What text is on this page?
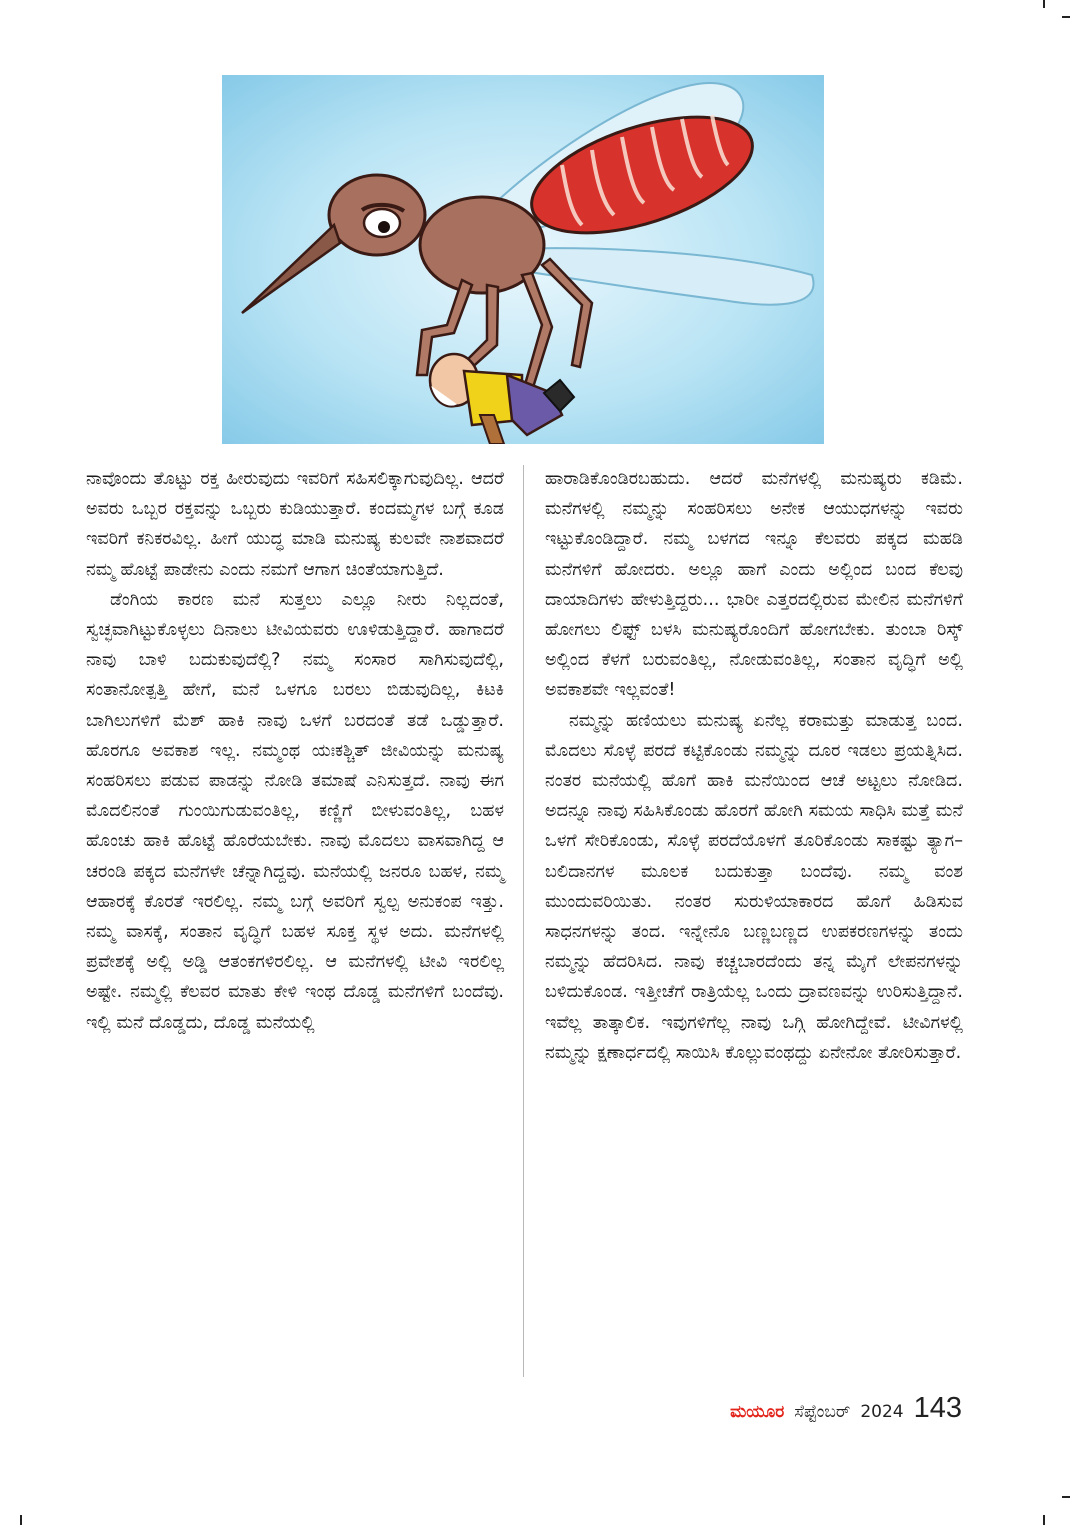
ನಾವೊಂದು ತೊಟ್ಟು ರಕ್ತ ಹೀರುವುದು ಇವರಿಗೆ ಸಹಿಸಲಿಕ್ಕಾಗುವುದಿಲ್ಲ. ಆದರೆ ಅವರು ಒಬ್ಬರ ರಕ್ತವನ್ನು ಒಬ್ಬರು ಕುಡಿಯುತ್ತಾರೆ. ಕಂದಮ್ಮಗಳ ಬಗ್ಗೆ ಕೂಡ ಇವರಿಗೆ ಕನಿಕರವಿಲ್ಲ. ಹೀಗೆ ಯುದ್ಧ ಮಾಡಿ ಮನುಷ್ಯ ಕುಲವೇ ನಾಶವಾದರೆ ನಮ್ಮ ಹೊಟ್ಟೆ ಪಾಡೇನು ಎಂದು ನಮಗೆ ಆಗಾಗ ಚಿಂತೆಯಾಗುತ್ತಿದೆ.

ಡೆಂಗಿಯ ಕಾರಣ ಮನೆ ಸುತ್ತಲು ಎಲ್ಲೂ ನೀರು ನಿಲ್ಲದಂತೆ, ಸ್ವಚ್ಛವಾಗಿಟ್ಟುಕೊಳ್ಳಲು ದಿನಾಲು ಟೀವಿಯವರು ಊಳಿಡುತ್ತಿದ್ದಾರೆ. ಹಾಗಾದರೆ ನಾವು ಬಾಳಿ ಬದುಕುವುದೆಲ್ಲಿ? ನಮ್ಮ ಸಂಸಾರ ಸಾಗಿಸುವುದೆಲ್ಲಿ, ಸಂತಾನೋತ್ಪತ್ತಿ ಹೇಗೆ, ಮನೆ ಒಳಗೂ ಬರಲು ಬಿಡುವುದಿಲ್ಲ, ಕಿಟಕಿ ಬಾಗಿಲುಗಳಿಗೆ ಮೆಶ್ ಹಾಕಿ ನಾವು ಒಳಗೆ ಬರದಂತೆ ತಡೆ ಒಡ್ಡುತ್ತಾರೆ. ಹೊರಗೂ ಅವಕಾಶ ಇಲ್ಲ. ನಮ್ಮಂಥ ಯಃಕಶ್ಚಿತ್ ಜೀವಿಯನ್ನು ಮನುಷ್ಯ ಸಂಹರಿಸಲು ಪಡುವ ಪಾಡನ್ನು ನೋಡಿ ತಮಾಷೆ ಎನಿಸುತ್ತದೆ. ನಾವು ಈಗ ಮೊದಲಿನಂತೆ ಗುಂಯಿಗುಡುವಂತಿಲ್ಲ, ಕಣ್ಣಿಗೆ ಬೀಳುವಂತಿಲ್ಲ, ಬಹಳ ಹೊಂಚು ಹಾಕಿ ಹೊಟ್ಟೆ ಹೊರೆಯಬೇಕು. ನಾವು ಮೊದಲು ವಾಸವಾಗಿದ್ದ ಆ ಚರಂಡಿ ಪಕ್ಕದ ಮನೆಗಳೇ ಚೆನ್ನಾಗಿದ್ದವು. ಮನೆಯಲ್ಲಿ ಜನರೂ ಬಹಳ, ನಮ್ಮ ಆಹಾರಕ್ಕೆ ಕೊರತೆ ಇರಲಿಲ್ಲ. ನಮ್ಮ ಬಗ್ಗೆ ಅವರಿಗೆ ಸ್ವಲ್ಪ ಅನುಕಂಪ ಇತ್ತು. ನಮ್ಮ ವಾಸಕ್ಕೆ, ಸಂತಾನ ವೃದ್ಧಿಗೆ ಬಹಳ ಸೂಕ್ತ ಸ್ಥಳ ಅದು. ಮನೆಗಳಲ್ಲಿ ಪ್ರವೇಶಕ್ಕೆ ಅಲ್ಲಿ ಅಡ್ಡಿ ಆತಂಕಗಳಿರಲಿಲ್ಲ. ಆ ಮನೆಗಳಲ್ಲಿ ಟೀವಿ ಇರಲಿಲ್ಲ ಅಷ್ಟೇ. ನಮ್ಮಲ್ಲಿ ಕೆಲವರ ಮಾತು ಕೇಳಿ ಇಂಥ ದೊಡ್ಡ ಮನೆಗಳಿಗೆ ಬಂದೆವು. ಇಲ್ಲಿ ಮನೆ ದೊಡ್ಡದು, ದೊಡ್ಡ ಮನೆಯಲ್ಲಿ

ಹಾರಾಡಿಕೊಂಡಿರಬಹುದು. ಆದರೆ ಮನೆಗಳಲ್ಲಿ ಮನುಷ್ಯರು ಕಡಿಮೆ. ಮನೆಗಳಲ್ಲಿ ನಮ್ಮನ್ನು ಸಂಹರಿಸಲು ಅನೇಕ ಆಯುಧಗಳನ್ನು ಇವರು ಇಟ್ಟುಕೊಂಡಿದ್ದಾರೆ. ನಮ್ಮ ಬಳಗದ ಇನ್ನೂ ಕೆಲವರು ಪಕ್ಕದ ಮಹಡಿ ಮನೆಗಳಿಗೆ ಹೋದರು. ಅಲ್ಲೂ ಹಾಗೆ ಎಂದು ಅಲ್ಲಿಂದ ಬಂದ ಕೆಲವು ದಾಯಾದಿಗಳು ಹೇಳುತ್ತಿದ್ದರು... ಭಾರೀ ಎತ್ತರದಲ್ಲಿರುವ ಮೇಲಿನ ಮನೆಗಳಿಗೆ ಹೋಗಲು ಲಿಫ್ಟ್ ಬಳಸಿ ಮನುಷ್ಯರೊಂದಿಗೆ ಹೋಗಬೇಕು. ತುಂಬಾ ರಿಸ್ಕ್ ಅಲ್ಲಿಂದ ಕೆಳಗೆ ಬರುವಂತಿಲ್ಲ, ನೋಡುವಂತಿಲ್ಲ, ಸಂತಾನ ವೃದ್ಧಿಗೆ ಅಲ್ಲಿ ಅವಕಾಶವೇ ಇಲ್ಲವಂತೆ!

ನಮ್ಮನ್ನು ಹಣಿಯಲು ಮನುಷ್ಯ ಏನೆಲ್ಲ ಕರಾಮತ್ತು ಮಾಡುತ್ತ ಬಂದ. ಮೊದಲು ಸೊಳ್ಳೆ ಪರದೆ ಕಟ್ಟಿಕೊಂಡು ನಮ್ಮನ್ನು ದೂರ ಇಡಲು ಪ್ರಯತ್ನಿಸಿದ. ನಂತರ ಮನೆಯಲ್ಲಿ ಹೊಗೆ ಹಾಕಿ ಮನೆಯಿಂದ ಆಚೆ ಅಟ್ಟಲು ನೋಡಿದ. ಅದನ್ನೂ ನಾವು ಸಹಿಸಿಕೊಂಡು ಹೊರಗೆ ಹೋಗಿ ಸಮಯ ಸಾಧಿಸಿ ಮತ್ತೆ ಮನೆ ಒಳಗೆ ಸೇರಿಕೊಂಡು, ಸೊಳ್ಳೆ ಪರದೆಯೊಳಗೆ ತೂರಿಕೊಂಡು ಸಾಕಷ್ಟು ತ್ಯಾಗ– ಬಲಿದಾನಗಳ ಮೂಲಕ ಬದುಕುತ್ತಾ ಬಂದೆವು. ನಮ್ಮ ವಂಶ ಮುಂದುವರಿಯಿತು. ನಂತರ ಸುರುಳಿಯಾಕಾರದ ಹೊಗೆ ಹಿಡಿಸುವ ಸಾಧನಗಳನ್ನು ತಂದ. ಇನ್ನೇನೊ ಬಣ್ಣಬಣ್ಣದ ಉಪಕರಣಗಳನ್ನು ತಂದು ನಮ್ಮನ್ನು ಹೆದರಿಸಿದ. ನಾವು ಕಚ್ಚಬಾರದೆಂದು ತನ್ನ ಮೈಗೆ ಲೇಪನಗಳನ್ನು ಬಳಿದುಕೊಂಡ. ಇತ್ತೀಚೆಗೆ ರಾತ್ರಿಯೆಲ್ಲ ಒಂದು ದ್ರಾವಣವನ್ನು ಉರಿಸುತ್ತಿದ್ದಾನೆ. ಇವೆಲ್ಲ ತಾತ್ಕಾಲಿಕ. ಇವುಗಳಿಗೆಲ್ಲ ನಾವು ಒಗ್ಗಿ ಹೋಗಿದ್ದೇವೆ. ಟೀವಿಗಳಲ್ಲಿ ನಮ್ಮನ್ನು ಕ್ಷಣಾರ್ಧದಲ್ಲಿ ಸಾಯಿಸಿ ಕೊಲ್ಲುವಂಥದ್ದು ಏನೇನೋ ತೋರಿಸುತ್ತಾರೆ.

ಮಯೂರ ಸೆಪ್ಟೆಂಬರ್ 2024 143
